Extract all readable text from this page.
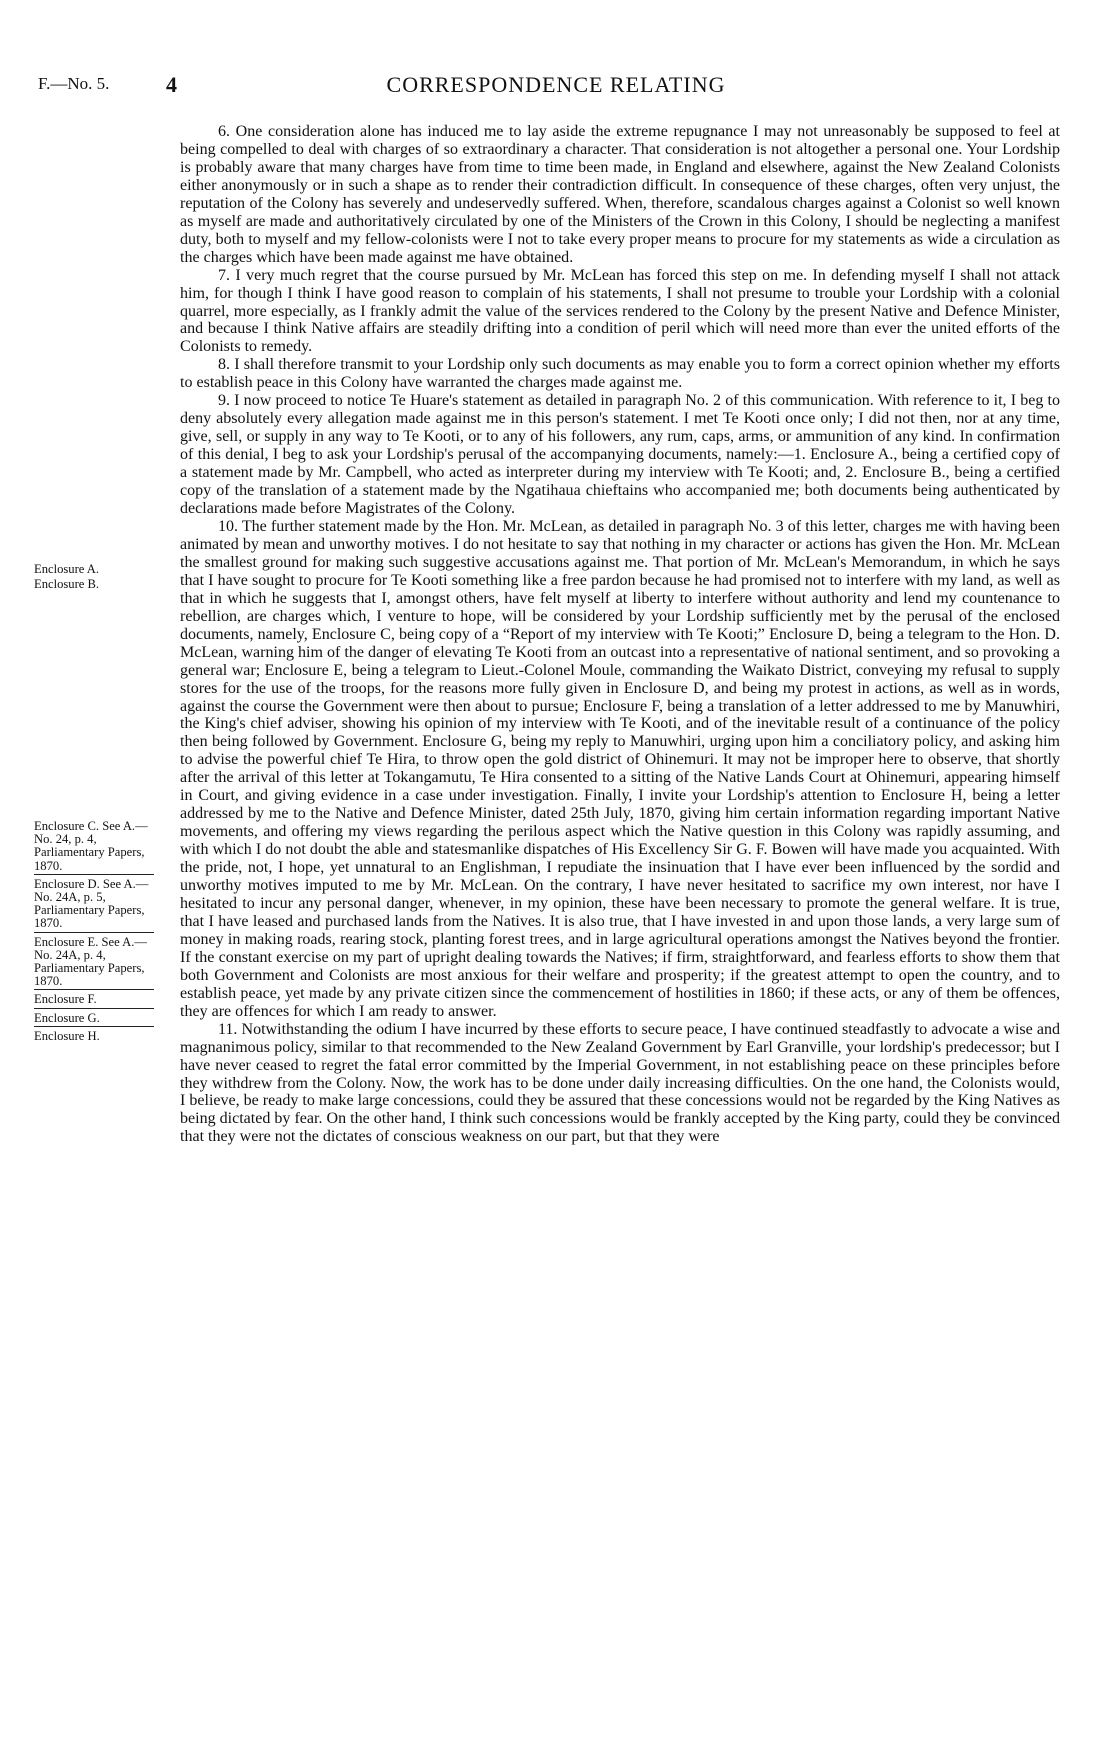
F.—No. 5.	4	CORRESPONDENCE RELATING

6. One consideration alone has induced me to lay aside the extreme repugnance I may not unreasonably be supposed to feel at being compelled to deal with charges of so extraordinary a character. That consideration is not altogether a personal one. Your Lordship is probably aware that many charges have from time to time been made, in England and elsewhere, against the New Zealand Colonists either anonymously or in such a shape as to render their contradiction difficult. In consequence of these charges, often very unjust, the reputation of the Colony has severely and undeservedly suffered. When, therefore, scandalous charges against a Colonist so well known as myself are made and authoritatively circulated by one of the Ministers of the Crown in this Colony, I should be neglecting a manifest duty, both to myself and my fellow-colonists were I not to take every proper means to procure for my statements as wide a circulation as the charges which have been made against me have obtained.

7. I very much regret that the course pursued by Mr. McLean has forced this step on me. In defending myself I shall not attack him, for though I think I have good reason to complain of his statements, I shall not presume to trouble your Lordship with a colonial quarrel, more especially, as I frankly admit the value of the services rendered to the Colony by the present Native and Defence Minister, and because I think Native affairs are steadily drifting into a condition of peril which will need more than ever the united efforts of the Colonists to remedy.

8. I shall therefore transmit to your Lordship only such documents as may enable you to form a correct opinion whether my efforts to establish peace in this Colony have warranted the charges made against me.

9. I now proceed to notice Te Huare's statement as detailed in paragraph No. 2 of this communication. With reference to it, I beg to deny absolutely every allegation made against me in this person's statement. I met Te Kooti once only; I did not then, nor at any time, give, sell, or supply in any way to Te Kooti, or to any of his followers, any rum, caps, arms, or ammunition of any kind. In confirmation of this denial, I beg to ask your Lordship's perusal of the accompanying documents, namely:—1. Enclosure A., being a certified copy of a statement made by Mr. Campbell, who acted as interpreter during my interview with Te Kooti; and, 2. Enclosure B., being a certified copy of the translation of a statement made by the Ngatihaua chieftains who accompanied me; both documents being authenticated by declarations made before Magistrates of the Colony.

10. The further statement made by the Hon. Mr. McLean, as detailed in paragraph No. 3 of this letter, charges me with having been animated by mean and unworthy motives. I do not hesitate to say that nothing in my character or actions has given the Hon. Mr. McLean the smallest ground for making such suggestive accusations against me. That portion of Mr. McLean's Memorandum, in which he says that I have sought to procure for Te Kooti something like a free pardon because he had promised not to interfere with my land, as well as that in which he suggests that I, amongst others, have felt myself at liberty to interfere without authority and lend my countenance to rebellion, are charges which, I venture to hope, will be considered by your Lordship sufficiently met by the perusal of the enclosed documents, namely, Enclosure C, being copy of a “Report of my interview with Te Kooti;” Enclosure D, being a telegram to the Hon. D. McLean, warning him of the danger of elevating Te Kooti from an outcast into a representative of national sentiment, and so provoking a general war; Enclosure E, being a telegram to Lieut.-Colonel Moule, commanding the Waikato District, conveying my refusal to supply stores for the use of the troops, for the reasons more fully given in Enclosure D, and being my protest in actions, as well as in words, against the course the Government were then about to pursue; Enclosure F, being a translation of a letter addressed to me by Manuwhiri, the King's chief adviser, showing his opinion of my interview with Te Kooti, and of the inevitable result of a continuance of the policy then being followed by Government. Enclosure G, being my reply to Manuwhiri, urging upon him a conciliatory policy, and asking him to advise the powerful chief Te Hira, to throw open the gold district of Ohinemuri. It may not be improper here to observe, that shortly after the arrival of this letter at Tokangamutu, Te Hira consented to a sitting of the Native Lands Court at Ohinemuri, appearing himself in Court, and giving evidence in a case under investigation. Finally, I invite your Lordship's attention to Enclosure H, being a letter addressed by me to the Native and Defence Minister, dated 25th July, 1870, giving him certain information regarding important Native movements, and offering my views regarding the perilous aspect which the Native question in this Colony was rapidly assuming, and with which I do not doubt the able and statesmanlike dispatches of His Excellency Sir G. F. Bowen will have made you acquainted. With the pride, not, I hope, yet unnatural to an Englishman, I repudiate the insinuation that I have ever been influenced by the sordid and unworthy motives imputed to me by Mr. McLean. On the contrary, I have never hesitated to sacrifice my own interest, nor have I hesitated to incur any personal danger, whenever, in my opinion, these have been necessary to promote the general welfare. It is true, that I have leased and purchased lands from the Natives. It is also true, that I have invested in and upon those lands, a very large sum of money in making roads, rearing stock, planting forest trees, and in large agricultural operations amongst the Natives beyond the frontier. If the constant exercise on my part of upright dealing towards the Natives; if firm, straightforward, and fearless efforts to show them that both Government and Colonists are most anxious for their welfare and prosperity; if the greatest attempt to open the country, and to establish peace, yet made by any private citizen since the commencement of hostilities in 1860; if these acts, or any of them be offences, they are offences for which I am ready to answer.

11. Notwithstanding the odium I have incurred by these efforts to secure peace, I have continued steadfastly to advocate a wise and magnanimous policy, similar to that recommended to the New Zealand Government by Earl Granville, your lordship's predecessor; but I have never ceased to regret the fatal error committed by the Imperial Government, in not establishing peace on these principles before they withdrew from the Colony. Now, the work has to be done under daily increasing difficulties. On the one hand, the Colonists would, I believe, be ready to make large concessions, could they be assured that these concessions would not be regarded by the King Natives as being dictated by fear. On the other hand, I think such concessions would be frankly accepted by the King party, could they be convinced that they were not the dictates of conscious weakness on our part, but that they were

Enclosure A.

Enclosure B.

Enclosure C. See A.—No. 24, p. 4, Parliamentary Papers, 1870.

Enclosure D. See A.—No. 24A, p. 5, Parliamentary Papers, 1870.

Enclosure E. See A.—No. 24A, p. 4, Parliamentary Papers, 1870.

Enclosure F.

Enclosure G.

Enclosure H.
